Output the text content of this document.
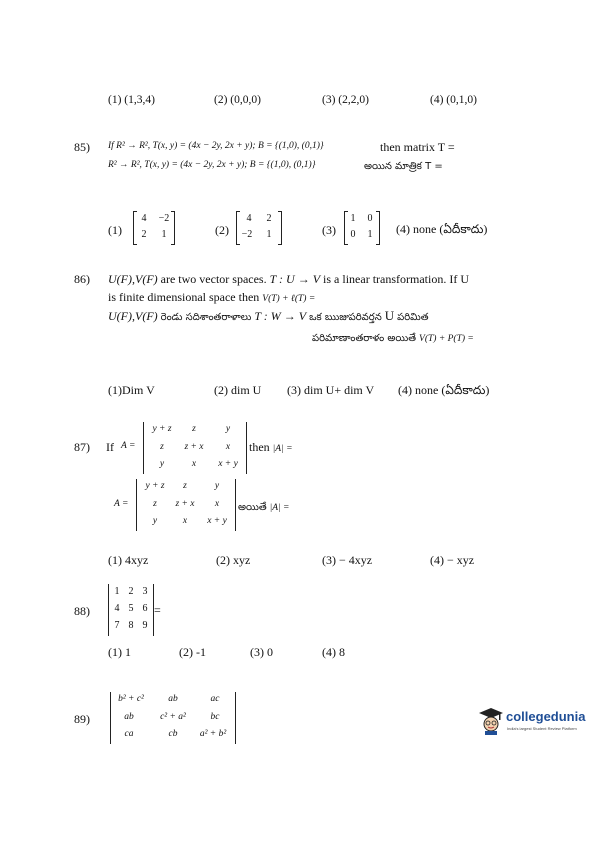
(1) (1,3,4)	(2) (0,0,0)	(3) (2,2,0)	(4) (0,1,0)
85) If R² → R², T(x, y) = (4x − 2y, 2x + y); B = {(1,0), (0,1)}	then matrix T =
R² → R², T(x, y) = (4x − 2y, 2x + y); B = {(1,0), (0,1)}	అయిన మాత్రిక T =
(1)
4	−2
2	1	(2)
4	2
−2	1	(3)
1	0
0	1	(4) none (ఏదీకాదు)
86) U(F),V(F) are two vector spaces. T : U → V is a linear transformation. If U
is finite dimensional space then V(T) + ℓ(T) =
U(F),V(F) రెండు సదిశాంతరాళాలు T : W → V ఒక ఋజుపరివర్తన U పరిమిత
పరిమాణాంతరాళం అయితే V(T) + P(T) =
(1)Dim V	(2) dim U (3) dim U+ dim V (4) none (ఏదీకాదు)
87) If A =
y + z	z	y
z	z + x	x
y	x	x + y
then |A| =
A =
y + z	z	y
z	z + x	x
y	x	x + y
అయితే |A| =
(1) 4xyz	(2) xyz	(3) − 4xyz	(4) − xyz
88)
1 2 3
4 5 6
7 8 9
=
(1) 1	(2) -1	(3) 0	(4) 8
89)
b² + c²	ab	ac
ab	c² + a²	bc
ca	cb	a² + b²
collegedunia
India's largest Student Review Platform
